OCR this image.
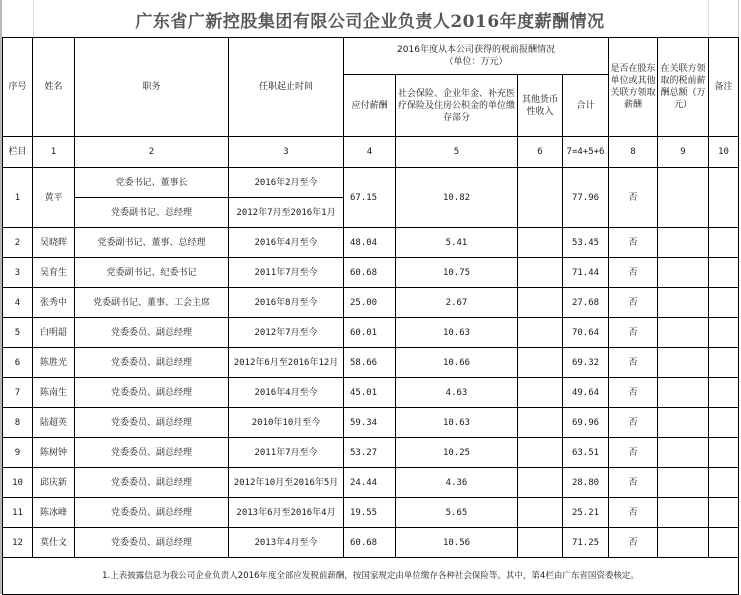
广东省广新控股集团有限公司企业负责人2016年度薪酬情况
序号	姓名	职务	任职起止时间	2016年度从本公司获得的税前报酬情况
（单位：万元）				是否在股东单位或其他关联方领取薪酬	在关联方领取的税前薪酬总额（万元）	备注
				应付薪酬	社会保险、企业年金、补充医疗保险及住房公积金的单位缴存部分	其他货币性收入	合计			
栏目	1	2	3	4	5	6	7=4+5+6	8	9	10
1	黄平	党委书记、董事长	2016年2月至今	67.15	10.82		77.96	否		
		党委副书记、总经理	2012年7月至2016年1月							
2	吴晓晖	党委副书记、董事、总经理	2016年4月至今	48.04	5.41		53.45	否		
3	吴育生	党委副书记、纪委书记	2011年7月至今	60.68	10.75		71.44	否		
4	张秀中	党委副书记、董事、工会主席	2016年8月至今	25.00	2.67		27.68	否		
5	白明韶	党委委员、副总经理	2012年7月至今	60.01	10.63		70.64	否		
6	陈胜光	党委委员、副总经理	2012年6月至2016年12月	58.66	10.66		69.32	否		
7	陈南生	党委委员、副总经理	2016年4月至今	45.01	4.63		49.64	否		
8	陆超英	党委委员、副总经理	2010年10月至今	59.34	10.63		69.96	否		
9	陈树钟	党委委员、副总经理	2011年7月至今	53.27	10.25		63.51	否		
10	邱庆新	党委委员、副总经理	2012年10月至2016年5月	24.44	4.36		28.80	否		
11	陈冰峰	党委委员、副总经理	2013年6月至2016年4月	19.55	5.65		25.21	否		
12	莫仕文	党委委员、副总经理	2013年4月至今	60.68	10.56		71.25	否		
1.上表披露信息为我公司企业负责人2016年度全部应发税前薪酬，按国家规定由单位缴存各种社会保险等。其中，第4栏由广东省国资委核定。										
